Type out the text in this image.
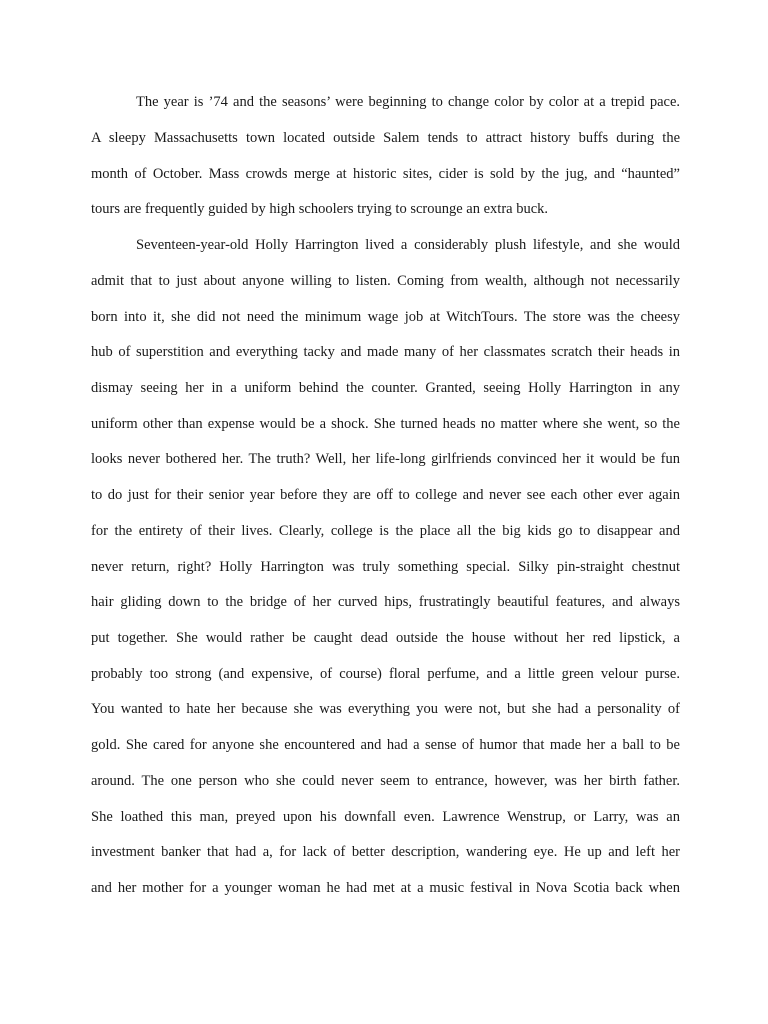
The year is ’74 and the seasons’ were beginning to change color by color at a trepid pace.

A sleepy Massachusetts town located outside Salem tends to attract history buffs during the

month of October. Mass crowds merge at historic sites, cider is sold by the jug, and “haunted”

tours are frequently guided by high schoolers trying to scrounge an extra buck.

Seventeen-year-old Holly Harrington lived a considerably plush lifestyle, and she would

admit that to just about anyone willing to listen. Coming from wealth, although not necessarily

born into it, she did not need the minimum wage job at WitchTours. The store was the cheesy

hub of superstition and everything tacky and made many of her classmates scratch their heads in

dismay seeing her in a uniform behind the counter. Granted, seeing Holly Harrington in any

uniform other than expense would be a shock. She turned heads no matter where she went, so the

looks never bothered her. The truth? Well, her life-long girlfriends convinced her it would be fun

to do just for their senior year before they are off to college and never see each other ever again

for the entirety of their lives. Clearly, college is the place all the big kids go to disappear and

never return, right? Holly Harrington was truly something special. Silky pin-straight chestnut

hair gliding down to the bridge of her curved hips, frustratingly beautiful features, and always

put together. She would rather be caught dead outside the house without her red lipstick, a

probably too strong (and expensive, of course) floral perfume, and a little green velour purse.

You wanted to hate her because she was everything you were not, but she had a personality of

gold. She cared for anyone she encountered and had a sense of humor that made her a ball to be

around. The one person who she could never seem to entrance, however, was her birth father.

She loathed this man, preyed upon his downfall even. Lawrence Wenstrup, or Larry, was an

investment banker that had a, for lack of better description, wandering eye. He up and left her

and her mother for a younger woman he had met at a music festival in Nova Scotia back when
